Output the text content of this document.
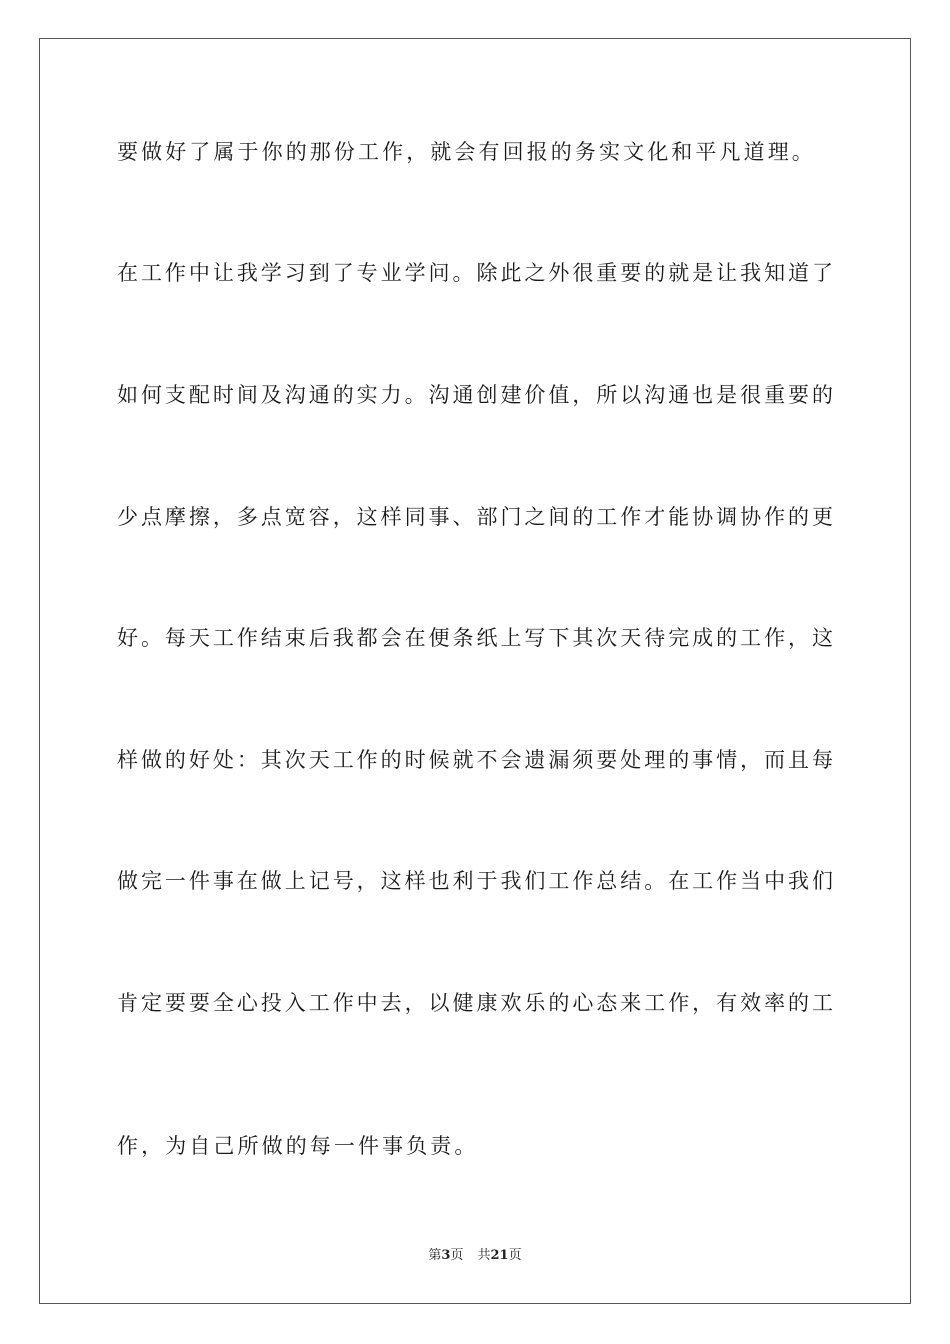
要做好了属于你的那份工作，就会有回报的务实文化和平凡道理。
在工作中让我学习到了专业学问。除此之外很重要的就是让我知道了
如何支配时间及沟通的实力。沟通创建价值，所以沟通也是很重要的
少点摩擦，多点宽容，这样同事、部门之间的工作才能协调协作的更
好。每天工作结束后我都会在便条纸上写下其次天待完成的工作，这
样做的好处：其次天工作的时候就不会遗漏须要处理的事情，而且每
做完一件事在做上记号，这样也利于我们工作总结。在工作当中我们
肯定要要全心投入工作中去，以健康欢乐的心态来工作，有效率的工
作，为自己所做的每一件事负责。
第3页 共21页
